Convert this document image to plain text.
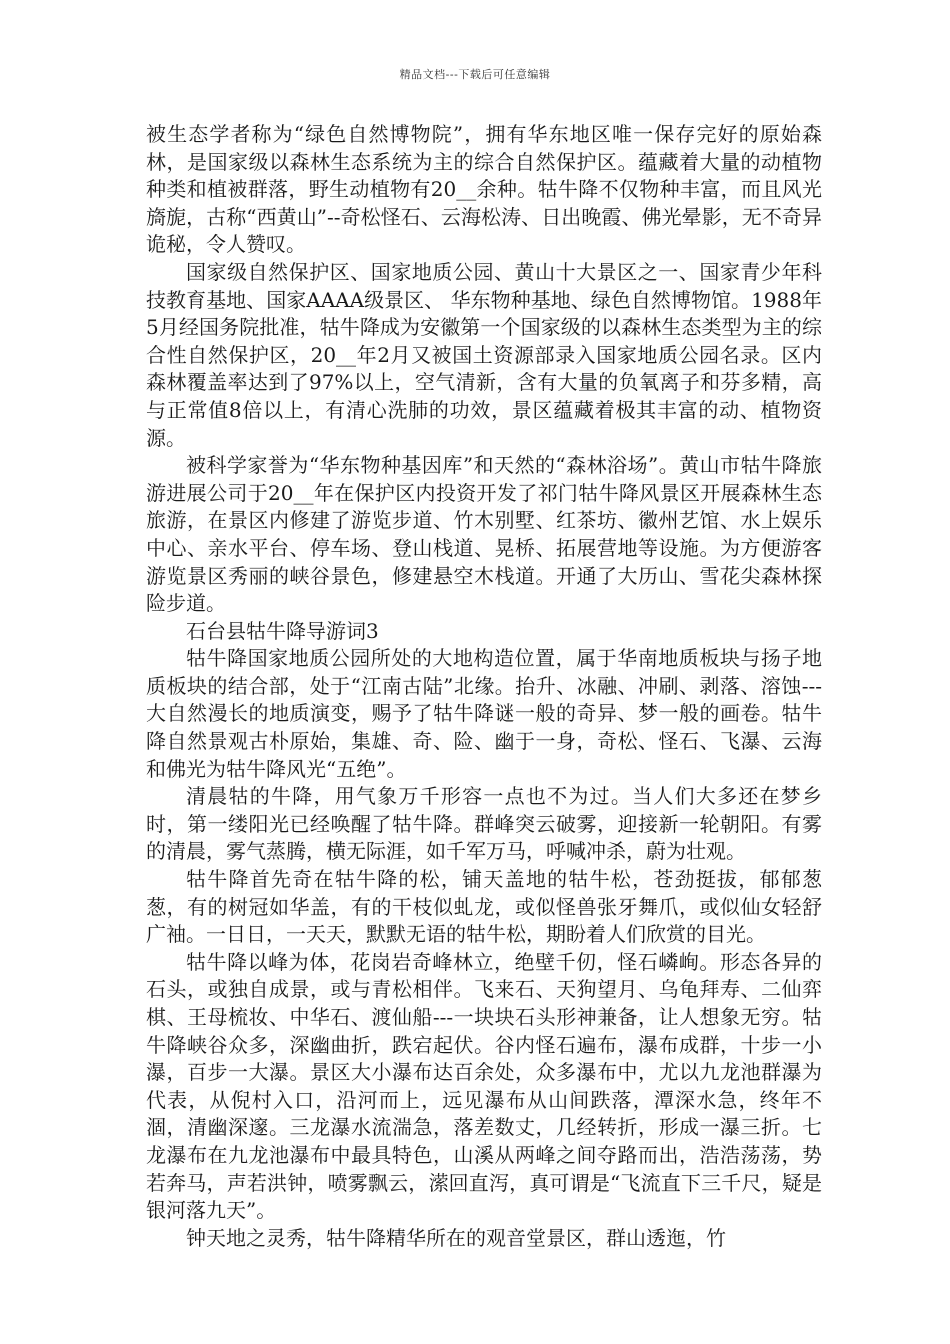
精品文档---下载后可任意编辑

被生态学者称为“绿色自然博物院”，拥有华东地区唯一保存完好的原始森林，是国家级以森林生态系统为主的综合自然保护区。蕴藏着大量的动植物种类和植被群落，野生动植物有20__余种。牯牛降不仅物种丰富，而且风光旖旎，古称“西黄山”--奇松怪石、云海松涛、日出晚霞、佛光晕影，无不奇异诡秘，令人赞叹。

国家级自然保护区、国家地质公园、黄山十大景区之一、国家青少年科技教育基地、国家AAAA级景区、 华东物种基地、绿色自然博物馆。1988年5月经国务院批准，牯牛降成为安徽第一个国家级的以森林生态类型为主的综合性自然保护区，20__年2月又被国土资源部录入国家地质公园名录。区内森林覆盖率达到了97%以上，空气清新，含有大量的负氧离子和芬多精，高与正常值8倍以上，有清心洗肺的功效，景区蕴藏着极其丰富的动、植物资源。

被科学家誉为“华东物种基因库”和天然的“森林浴场”。黄山市牯牛降旅游进展公司于20__年在保护区内投资开发了祁门牯牛降风景区开展森林生态旅游，在景区内修建了游览步道、竹木别墅、红茶坊、徽州艺馆、水上娱乐中心、亲水平台、停车场、登山栈道、晃桥、拓展营地等设施。为方便游客游览景区秀丽的峡谷景色，修建悬空木栈道。开通了大历山、雪花尖森林探险步道。

石台县牯牛降导游词3

牯牛降国家地质公园所处的大地构造位置，属于华南地质板块与扬子地质板块的结合部，处于“江南古陆”北缘。抬升、冰融、冲刷、剥落、溶蚀---大自然漫长的地质演变，赐予了牯牛降谜一般的奇异、梦一般的画卷。牯牛降自然景观古朴原始，集雄、奇、险、幽于一身，奇松、怪石、飞瀑、云海和佛光为牯牛降风光“五绝”。

清晨牯的牛降，用气象万千形容一点也不为过。当人们大多还在梦乡时，第一缕阳光已经唤醒了牯牛降。群峰突云破雾，迎接新一轮朝阳。有雾的清晨，雾气蒸腾，横无际涯，如千军万马，呼喊冲杀，蔚为壮观。

牯牛降首先奇在牯牛降的松，铺天盖地的牯牛松，苍劲挺拔，郁郁葱葱，有的树冠如华盖，有的干枝似虬龙，或似怪兽张牙舞爪，或似仙女轻舒广袖。一日日，一天天，默默无语的牯牛松，期盼着人们欣赏的目光。

牯牛降以峰为体，花岗岩奇峰林立，绝壁千仞，怪石嶙峋。形态各异的石头，或独自成景，或与青松相伴。飞来石、天狗望月、乌龟拜寿、二仙弈棋、王母梳妆、中华石、渡仙船---一块块石头形神兼备，让人想象无穷。牯牛降峡谷众多，深幽曲折，跌宕起伏。谷内怪石遍布，瀑布成群，十步一小瀑，百步一大瀑。景区大小瀑布达百余处，众多瀑布中，尤以九龙池群瀑为代表，从倪村入口，沿河而上，远见瀑布从山间跌落，潭深水急，终年不涸，清幽深邃。三龙瀑水流湍急，落差数丈，几经转折，形成一瀑三折。七龙瀑布在九龙池瀑布中最具特色，山溪从两峰之间夺路而出，浩浩荡荡，势若奔马，声若洪钟，喷雾飘云，潆回直泻，真可谓是“飞流直下三千尺，疑是银河落九天”。

钟天地之灵秀，牯牛降精华所在的观音堂景区，群山透迤，竹
